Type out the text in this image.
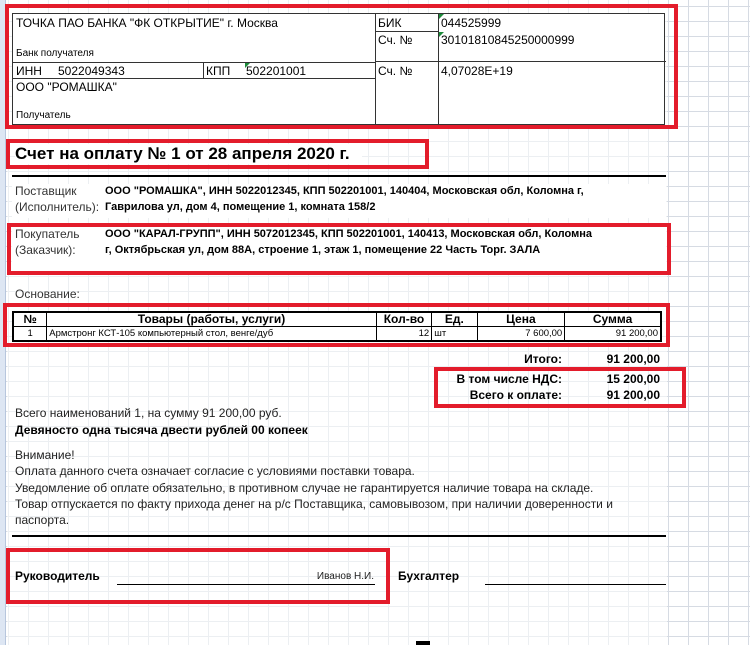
ТОЧКА ПАО БАНКА "ФК ОТКРЫТИЕ" г. Москва
Банк получателя
ИНН 5022049343	КПП 502201001
ООО "РОМАШКА"
Получатель
БИК	044525999
Сч. № 30101810845250000999
Сч. № 4,07028E+19
Счет на оплату № 1 от 28 апреля 2020 г.
Поставщик
(Исполнитель):
ООО "РОМАШКА", ИНН 5022012345, КПП 502201001, 140404, Московская обл, Коломна г,
Гаврилова ул, дом 4, помещение 1, комната 158/2
Покупатель
(Заказчик):
ООО "КАРАЛ-ГРУПП", ИНН 5072012345, КПП 502201001, 140413, Московская обл, Коломна
г, Октябрьская ул, дом 88А, строение 1, этаж 1, помещение 22 Часть Торг. ЗАЛА
Основание:
№	Товары (работы, услуги)	Кол-во	Ед.	Цена	Сумма
1	Армстронг КСТ-105 компьютерный стол, венге/дуб	12	шт	7 600,00	91 200,00
Итого:	91 200,00
В том числе НДС:	15 200,00
Всего к оплате:	91 200,00
Всего наименований 1, на сумму 91 200,00 руб.
Девяносто одна тысяча двести рублей 00 копеек
Внимание!
Оплата данного счета означает согласие с условиями поставки товара.
Уведомление об оплате обязательно, в противном случае не гарантируется наличие товара на складе.
Товар отпускается по факту прихода денег на р/с Поставщика, самовывозом, при наличии доверенности и
паспорта.
Руководитель	Иванов Н.И. Бухгалтер
